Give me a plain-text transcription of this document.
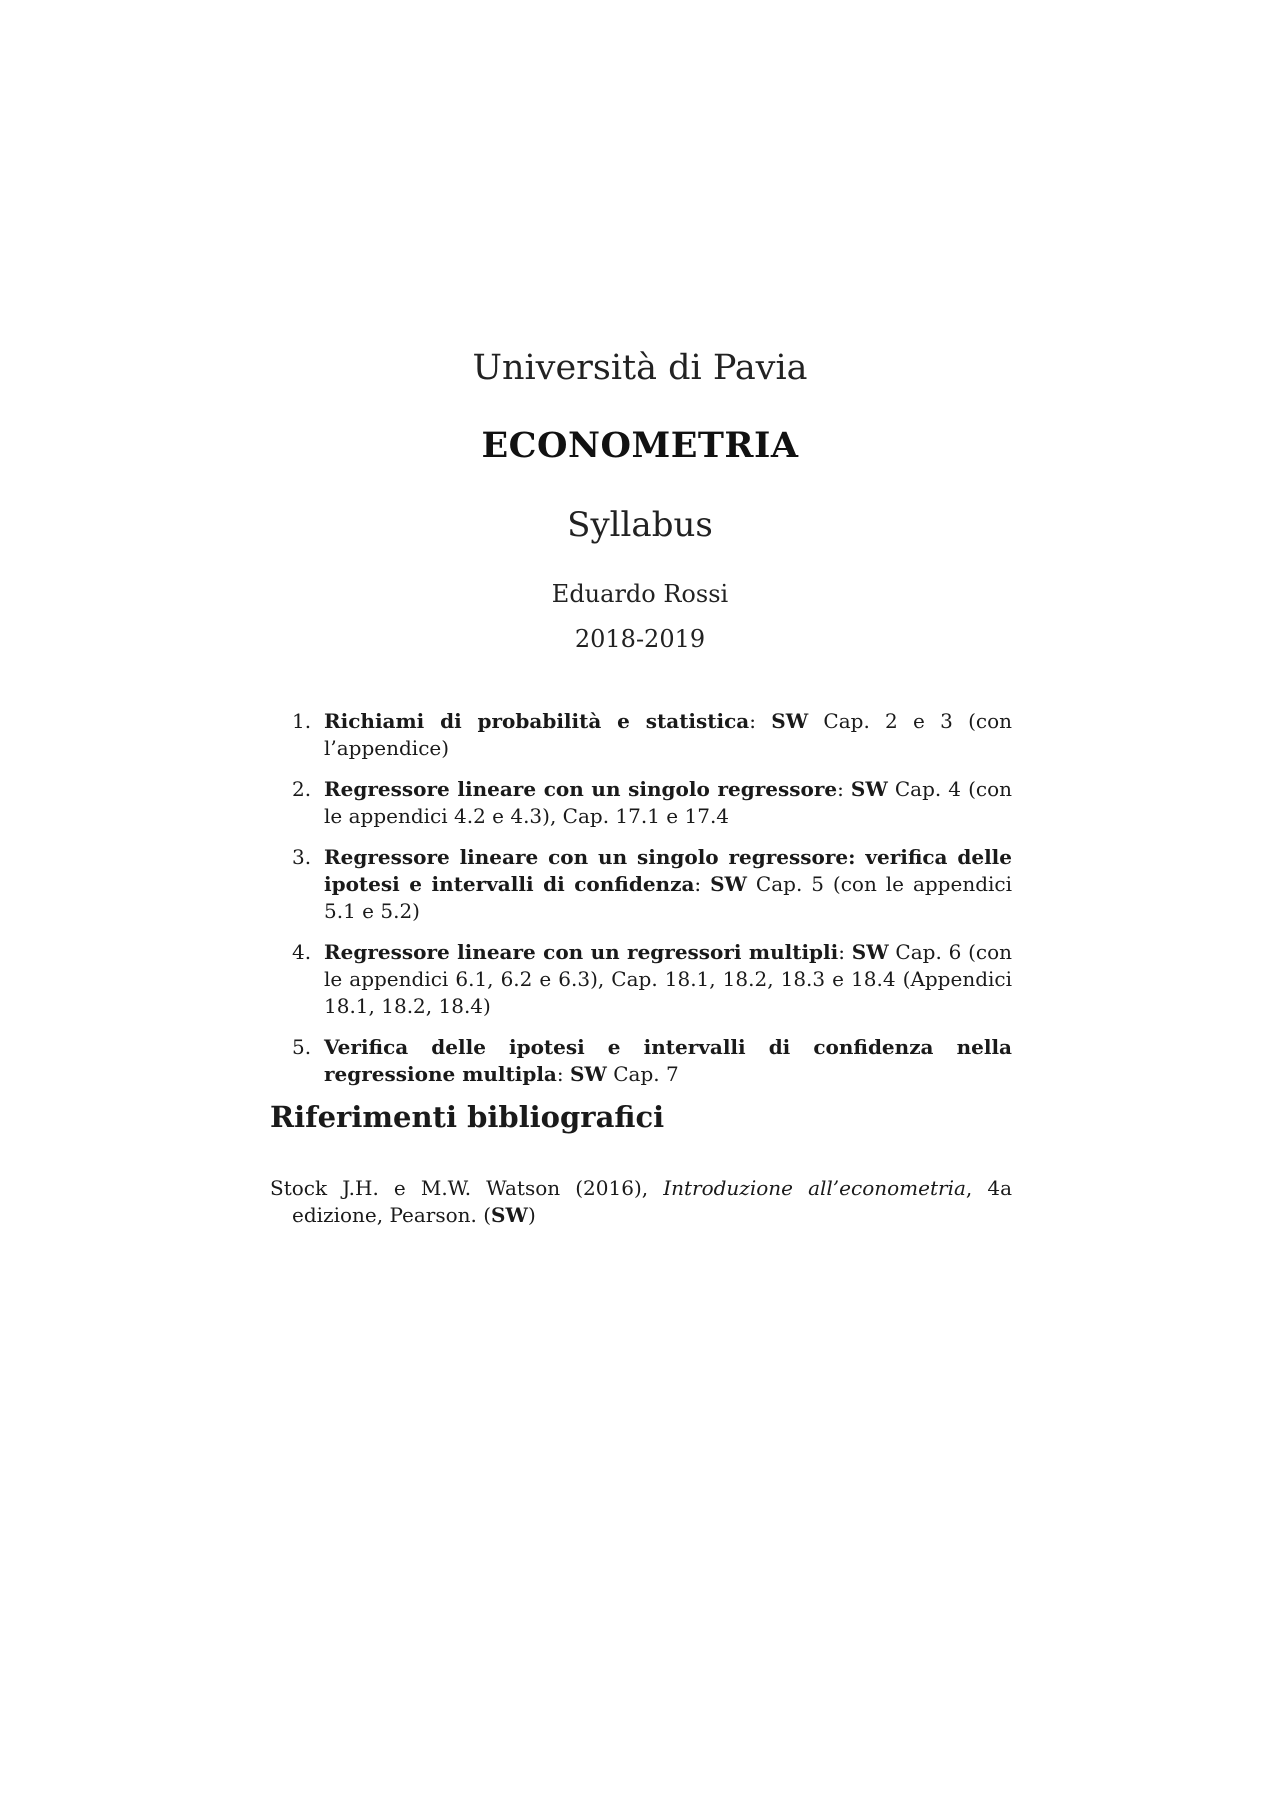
Università di Pavia
ECONOMETRIA
Syllabus
Eduardo Rossi
2018-2019
1. Richiami di probabilità e statistica: SW Cap. 2 e 3 (con l’appendice)
2. Regressore lineare con un singolo regressore: SW Cap. 4 (con le appendici 4.2 e 4.3), Cap. 17.1 e 17.4
3. Regressore lineare con un singolo regressore: verifica delle ipotesi e intervalli di confidenza: SW Cap. 5 (con le appendici 5.1 e 5.2)
4. Regressore lineare con un regressori multipli: SW Cap. 6 (con le appendici 6.1, 6.2 e 6.3), Cap. 18.1, 18.2, 18.3 e 18.4 (Appendici 18.1, 18.2, 18.4)
5. Verifica delle ipotesi e intervalli di confidenza nella regressione multipla: SW Cap. 7
Riferimenti bibliografici

Stock J.H. e M.W. Watson (2016), Introduzione all’econometria, 4a edizione, Pearson. (SW)
